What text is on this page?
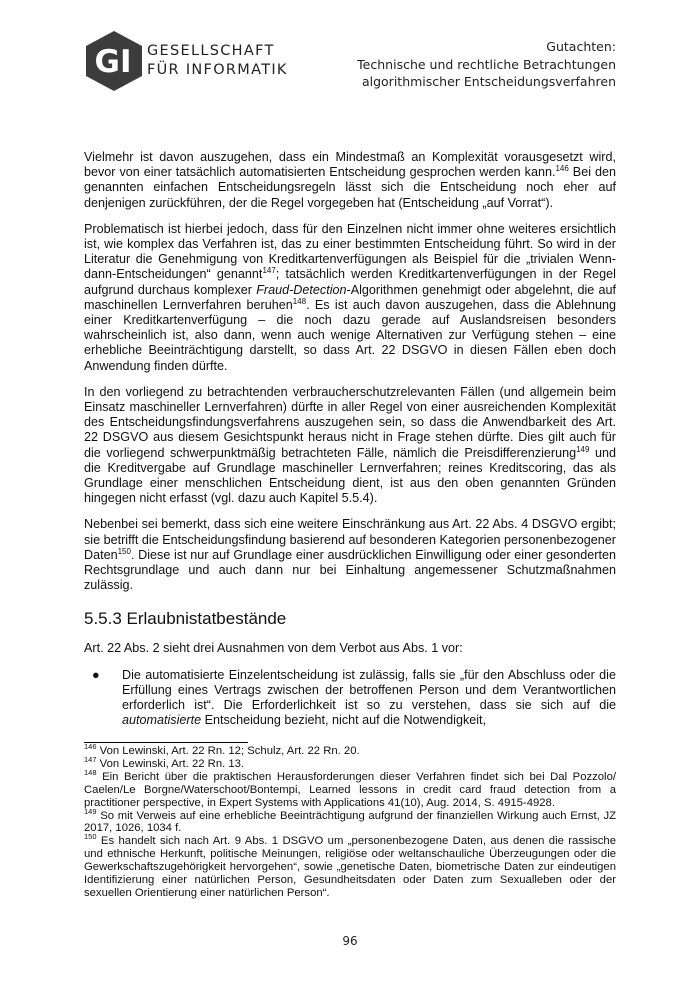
GI GESELLSCHAFT
FÜR INFORMATIK
Gutachten:
Technische und rechtliche Betrachtungen
algorithmischer Entscheidungsverfahren

Vielmehr ist davon auszugehen, dass ein Mindestmaß an Komplexität vorausgesetzt wird, bevor von einer tatsächlich automatisierten Entscheidung gesprochen werden kann.$^{146}$ Bei den genannten einfachen Entscheidungsregeln lässt sich die Entscheidung noch eher auf denjenigen zurückführen, der die Regel vorgegeben hat (Entscheidung „auf Vorrat“).

Problematisch ist hierbei jedoch, dass für den Einzelnen nicht immer ohne weiteres ersichtlich ist, wie komplex das Verfahren ist, das zu einer bestimmten Entscheidung führt. So wird in der Literatur die Genehmigung von Kreditkartenverfügungen als Beispiel für die „trivialen Wenn-dann-Entscheidungen“ genannt$^{147}$; tatsächlich werden Kreditkartenverfügungen in der Regel aufgrund durchaus komplexer Fraud-Detection-Algorithmen genehmigt oder abgelehnt, die auf maschinellen Lernverfahren beruhen$^{148}$. Es ist auch davon auszugehen, dass die Ablehnung einer Kreditkartenverfügung – die noch dazu gerade auf Auslandsreisen besonders wahrscheinlich ist, also dann, wenn auch wenige Alternativen zur Verfügung stehen – eine erhebliche Beeinträchtigung darstellt, so dass Art. 22 DSGVO in diesen Fällen eben doch Anwendung finden dürfte.

In den vorliegend zu betrachtenden verbraucherschutzrelevanten Fällen (und allgemein beim Einsatz maschineller Lernverfahren) dürfte in aller Regel von einer ausreichenden Komplexität des Entscheidungsfindungsverfahrens auszugehen sein, so dass die Anwendbarkeit des Art. 22 DSGVO aus diesem Gesichtspunkt heraus nicht in Frage stehen dürfte. Dies gilt auch für die vorliegend schwerpunktmäßig betrachteten Fälle, nämlich die Preisdifferenzierung$^{149}$ und die Kreditvergabe auf Grundlage maschineller Lernverfahren; reines Kreditscoring, das als Grundlage einer menschlichen Entscheidung dient, ist aus den oben genannten Gründen hingegen nicht erfasst (vgl. dazu auch Kapitel 5.5.4).

Nebenbei sei bemerkt, dass sich eine weitere Einschränkung aus Art. 22 Abs. 4 DSGVO ergibt; sie betrifft die Entscheidungsfindung basierend auf besonderen Kategorien personenbezogener Daten$^{150}$. Diese ist nur auf Grundlage einer ausdrücklichen Einwilligung oder einer gesonderten Rechtsgrundlage und auch dann nur bei Einhaltung angemessener Schutzmaßnahmen zulässig.

5.5.3 Erlaubnistatbestände

Art. 22 Abs. 2 sieht drei Ausnahmen von dem Verbot aus Abs. 1 vor:

●	Die automatisierte Einzelentscheidung ist zulässig, falls sie „für den Abschluss oder die Erfüllung eines Vertrags zwischen der betroffenen Person und dem Verantwortlichen erforderlich ist“. Die Erforderlichkeit ist so zu verstehen, dass sie sich auf die automatisierte Entscheidung bezieht, nicht auf die Notwendigkeit,

$^{146}$ Von Lewinski, Art. 22 Rn. 12; Schulz, Art. 22 Rn. 20.
$^{147}$ Von Lewinski, Art. 22 Rn. 13.
$^{148}$ Ein Bericht über die praktischen Herausforderungen dieser Verfahren findet sich bei Dal Pozzolo/ Caelen/Le Borgne/Waterschoot/Bontempi, Learned lessons in credit card fraud detection from a practitioner perspective, in Expert Systems with Applications 41(10), Aug. 2014, S. 4915-4928.
$^{149}$ So mit Verweis auf eine erhebliche Beeinträchtigung aufgrund der finanziellen Wirkung auch Ernst, JZ 2017, 1026, 1034 f.
$^{150}$ Es handelt sich nach Art. 9 Abs. 1 DSGVO um „personenbezogene Daten, aus denen die rassische und ethnische Herkunft, politische Meinungen, religiöse oder weltanschauliche Überzeugungen oder die Gewerkschaftszugehörigkeit hervorgehen“, sowie „genetische Daten, biometrische Daten zur eindeutigen Identifizierung einer natürlichen Person, Gesundheitsdaten oder Daten zum Sexualleben oder der sexuellen Orientierung einer natürlichen Person“.
96
